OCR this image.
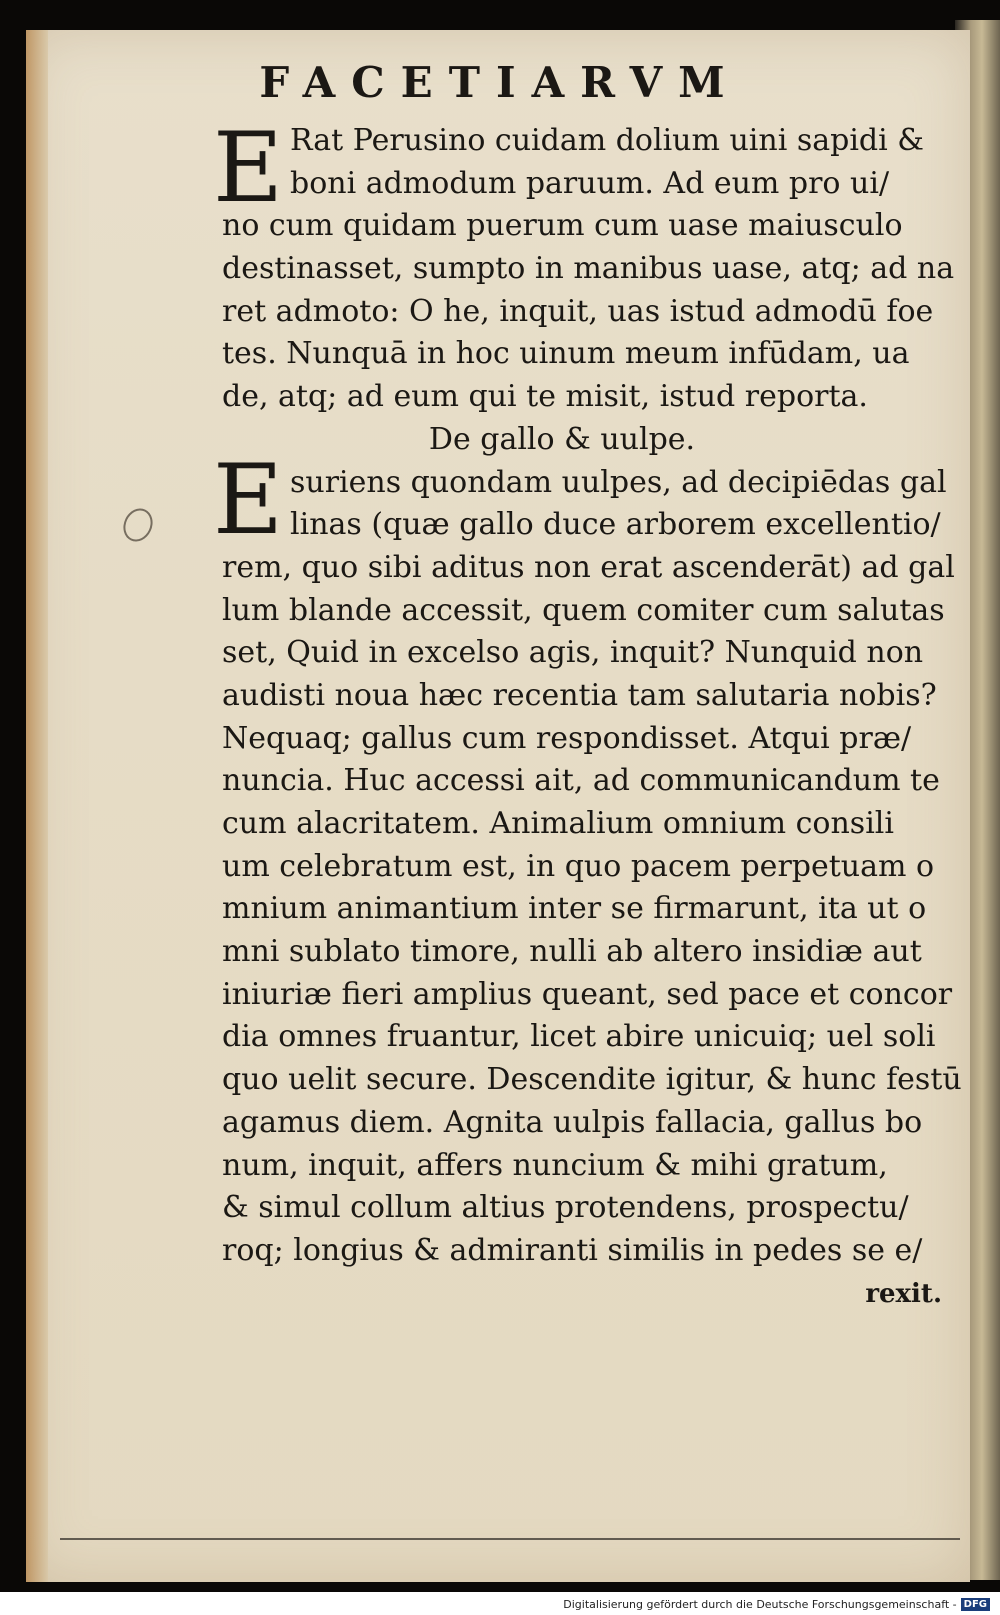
FACETIARVM
E
E
Rat Perusino cuidam dolium uini sapidi &
boni admodum paruum. Ad eum pro ui/
no cum quidam puerum cum uase maiusculo
destinasset, sumpto in manibus uase, atq; ad na
ret admoto: O he, inquit, uas istud admodū foe
tes. Nunquā in hoc uinum meum infūdam, ua
de, atq; ad eum qui te misit, istud reporta.
De gallo & uulpe.
suriens quondam uulpes, ad decipiēdas gal
linas (quæ gallo duce arborem excellentio/
rem, quo sibi aditus non erat ascenderāt) ad gal
lum blande accessit, quem comiter cum salutas
set, Quid in excelso agis, inquit? Nunquid non
audisti noua hæc recentia tam salutaria nobis?
Nequaq; gallus cum respondisset. Atqui præ/
nuncia. Huc accessi ait, ad communicandum te
cum alacritatem. Animalium omnium consili
um celebratum est, in quo pacem perpetuam o
mnium animantium inter se firmarunt, ita ut o
mni sublato timore, nulli ab altero insidiæ aut
iniuriæ fieri amplius queant, sed pace et concor
dia omnes fruantur, licet abire unicuiq; uel soli
quo uelit secure. Descendite igitur, & hunc festū
agamus diem. Agnita uulpis fallacia, gallus bo
num, inquit, affers nuncium & mihi gratum,
& simul collum altius protendens, prospectu/
roq; longius & admiranti similis in pedes se e/
rexit.
Digitalisierung gefördert durch die Deutsche Forschungsgemeinschaft - DFG
